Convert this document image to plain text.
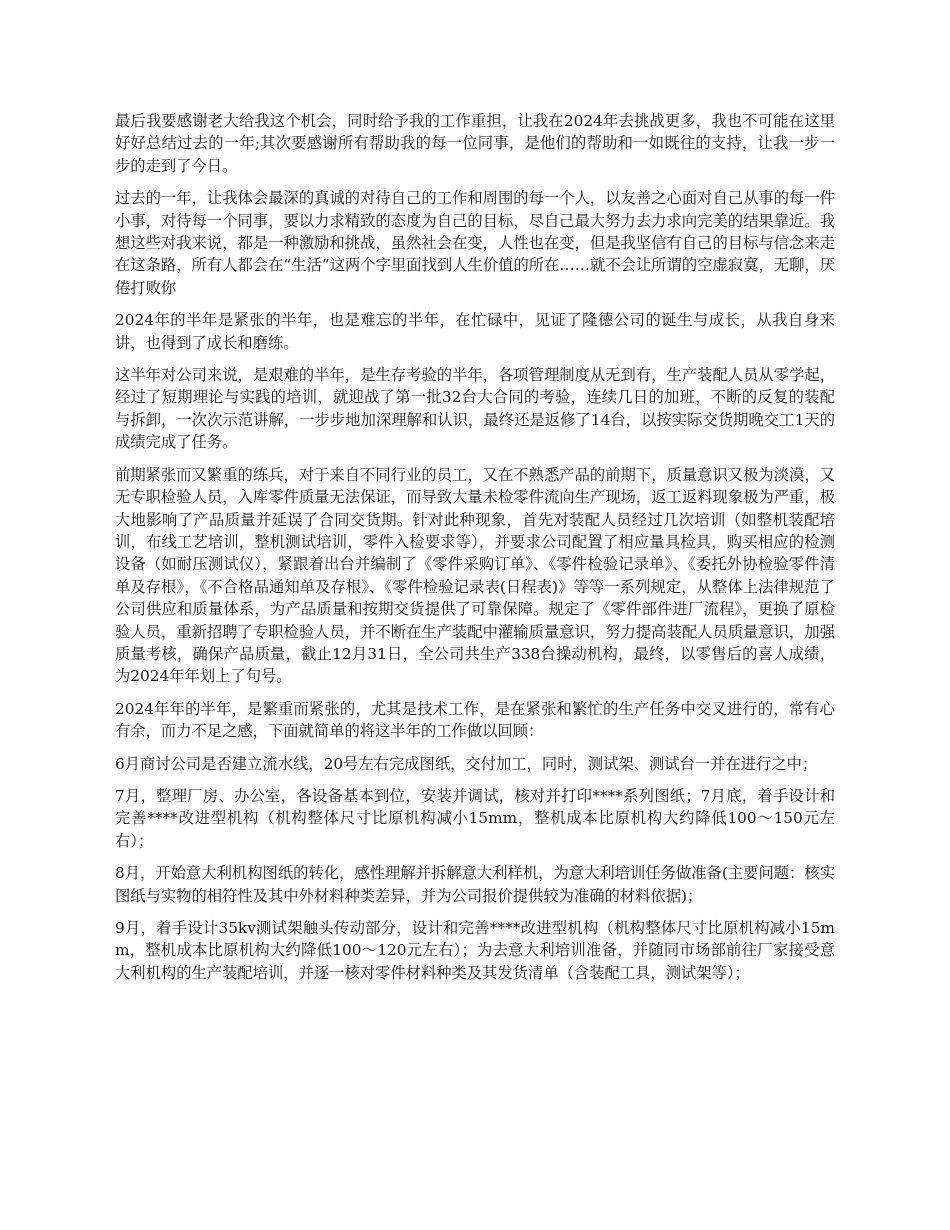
最后我要感谢老大给我这个机会，同时给予我的工作重担，让我在2024年去挑战更多，我也不可能在这里好好总结过去的一年;其次要感谢所有帮助我的每一位同事，是他们的帮助和一如既往的支持，让我一步一步的走到了今日。

过去的一年，让我体会最深的真诚的对待自己的工作和周围的每一个人，以友善之心面对自己从事的每一件小事，对待每一个同事，要以力求精致的态度为自己的目标，尽自己最大努力去力求向完美的结果靠近。我想这些对我来说，都是一种激励和挑战，虽然社会在变，人性也在变，但是我坚信有自己的目标与信念来走在这条路，所有人都会在“生活”这两个字里面找到人生价值的所在……就不会让所谓的空虚寂寞，无聊，厌倦打败你

2024年的半年是紧张的半年，也是难忘的半年，在忙碌中，见证了隆德公司的诞生与成长，从我自身来讲，也得到了成长和磨练。

这半年对公司来说，是艰难的半年，是生存考验的半年，各项管理制度从无到有，生产装配人员从零学起，经过了短期理论与实践的培训，就迎战了第一批32台大合同的考验，连续几日的加班，不断的反复的装配与拆卸，一次次示范讲解，一步步地加深理解和认识，最终还是返修了14台，以按实际交货期晚交工1天的成绩完成了任务。

前期紧张而又繁重的练兵，对于来自不同行业的员工，又在不熟悉产品的前期下，质量意识又极为淡漠，又无专职检验人员，入库零件质量无法保证，而导致大量未检零件流向生产现场，返工返料现象极为严重，极大地影响了产品质量并延误了合同交货期。针对此种现象，首先对装配人员经过几次培训（如整机装配培训，布线工艺培训，整机测试培训，零件入检要求等），并要求公司配置了相应量具检具，购买相应的检测设备（如耐压测试仪），紧跟着出台并编制了《零件采购订单》、《零件检验记录单》、《委托外协检验零件清单及存根》，《不合格品通知单及存根》、《零件检验记录表(日程表)》等等一系列规定，从整体上法律规范了公司供应和质量体系，为产品质量和按期交货提供了可靠保障。规定了《零件部件进厂流程》，更换了原检验人员，重新招聘了专职检验人员，并不断在生产装配中灌输质量意识，努力提高装配人员质量意识，加强质量考核，确保产品质量，截止12月31日，全公司共生产338台操动机构，最终，以零售后的喜人成绩，为2024年年划上了句号。

2024年年的半年，是繁重而紧张的，尤其是技术工作，是在紧张和繁忙的生产任务中交叉进行的，常有心有余，而力不足之感，下面就简单的将这半年的工作做以回顾：

6月商讨公司是否建立流水线，20号左右完成图纸，交付加工，同时，测试架、测试台一并在进行之中；

7月，整理厂房、办公室，各设备基本到位，安装并调试，核对并打印****系列图纸；7月底，着手设计和完善****改进型机构（机构整体尺寸比原机构减小15mm，整机成本比原机构大约降低100～150元左右）；

8月，开始意大利机构图纸的转化，感性理解并拆解意大利样机，为意大利培训任务做准备(主要问题：核实图纸与实物的相符性及其中外材料种类差异，并为公司报价提供较为准确的材料依据)；

9月，着手设计35kv测试架触头传动部分，设计和完善****改进型机构（机构整体尺寸比原机构减小15mm，整机成本比原机构大约降低100～120元左右）；为去意大利培训准备，并随同市场部前往厂家接受意大利机构的生产装配培训，并逐一核对零件材料种类及其发货清单（含装配工具，测试架等）；
